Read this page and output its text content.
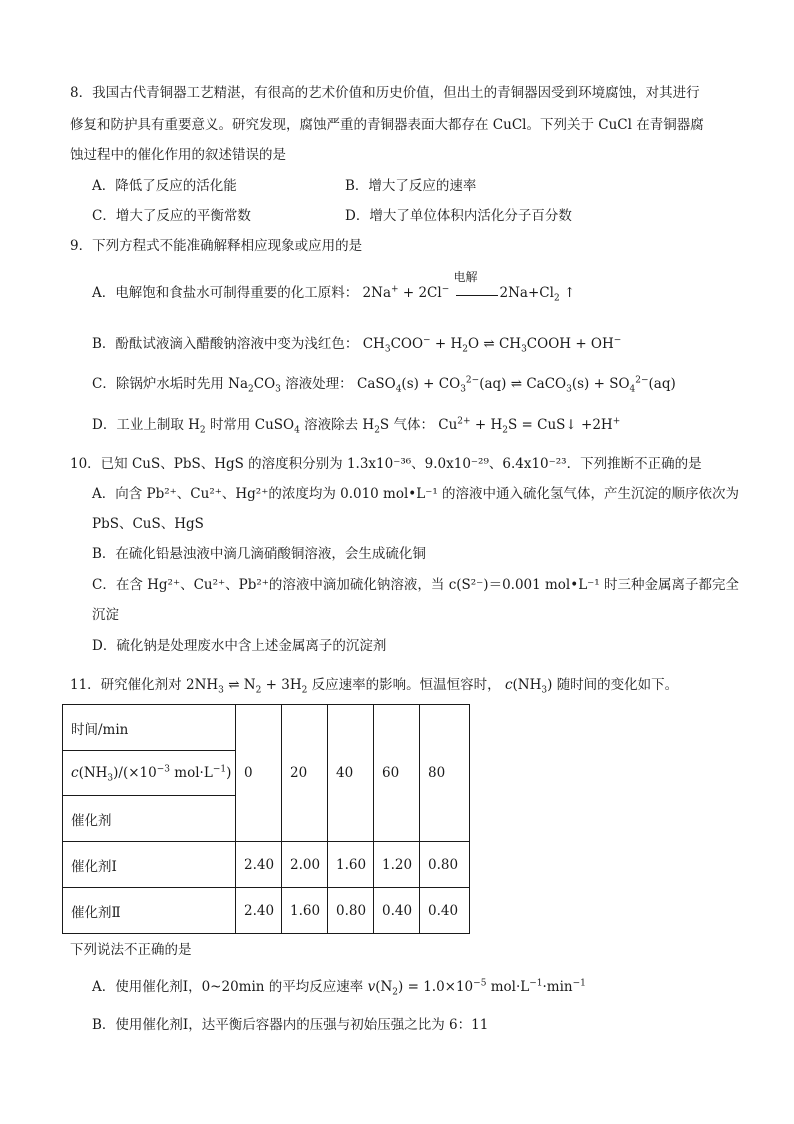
8．我国古代青铜器工艺精湛，有很高的艺术价值和历史价值，但出土的青铜器因受到环境腐蚀，对其进行
修复和防护具有重要意义。研究发现，腐蚀严重的青铜器表面大都存在 CuCl。下列关于 CuCl 在青铜器腐
蚀过程中的催化作用的叙述错误的是
A．降低了反应的活化能	B．增大了反应的速率
C．增大了反应的平衡常数	D．增大了单位体积内活化分子百分数
9．下列方程式不能准确解释相应现象或应用的是
A．电解饱和食盐水可制得重要的化工原料： 2Na+ + 2Cl−
电解
$2Na+Cl_2$ ↑
B．酚酞试液滴入醋酸钠溶液中变为浅红色： $CH_3COO^- + H_2O$ ⇌ $CH_3COOH + OH^-$
C．除锅炉水垢时先用 $Na_2CO_3$ 溶液处理： CaSO$_4$(s) + $CO_3^{2-}(aq)$ ⇌ CaCO$_3$(s) + $SO_4^{2-}(aq)$
D．工业上制取 $H_2$ 时常用 CuSO$_4$ 溶液除去 $H_2S$ 气体： $Cu^{2+} + H_2S$ = CuS↓ +2H+
10．已知 CuS、PbS、HgS 的溶度积分别为 1.3x10⁻³⁶、9.0x10⁻²⁹、6.4x10⁻²³．下列推断不正确的是
A．向含 Pb²⁺、Cu²⁺、Hg²⁺的浓度均为 0.010 mol•L⁻¹ 的溶液中通入硫化氢气体，产生沉淀的顺序依次为
PbS、CuS、HgS
B．在硫化铅悬浊液中滴几滴硝酸铜溶液，会生成硫化铜
C．在含 Hg²⁺、Cu²⁺、Pb²⁺的溶液中滴加硫化钠溶液，当 c(S²⁻)＝0.001 mol•L⁻¹ 时三种金属离子都完全
沉淀
D．硫化钠是处理废水中含上述金属离子的沉淀剂
11．研究催化剂对 $2NH_3$ ⇌ $N_2 + 3H_2$ 反应速率的影响。恒温恒容时， $c(NH_3)$ 随时间的变化如下。
时间/min	0	20	40	60	80
$c(NH_3)/(\times 10^{-3}$ $mol\cdot L^{-1}$)					
催化剂					
催化剂Ⅰ	2.40	2.00	1.60	1.20	0.80
催化剂Ⅱ	2.40	1.60	0.80	0.40	0.40
下列说法不正确的是
A．使用催化剂Ⅰ，0~20min 的平均反应速率 $v(N_2) = 1.0\times 10^{-5}$ $mol\cdot L^{-1}\cdot\min^{-1}$
B．使用催化剂Ⅰ，达平衡后容器内的压强与初始压强之比为 6：11
